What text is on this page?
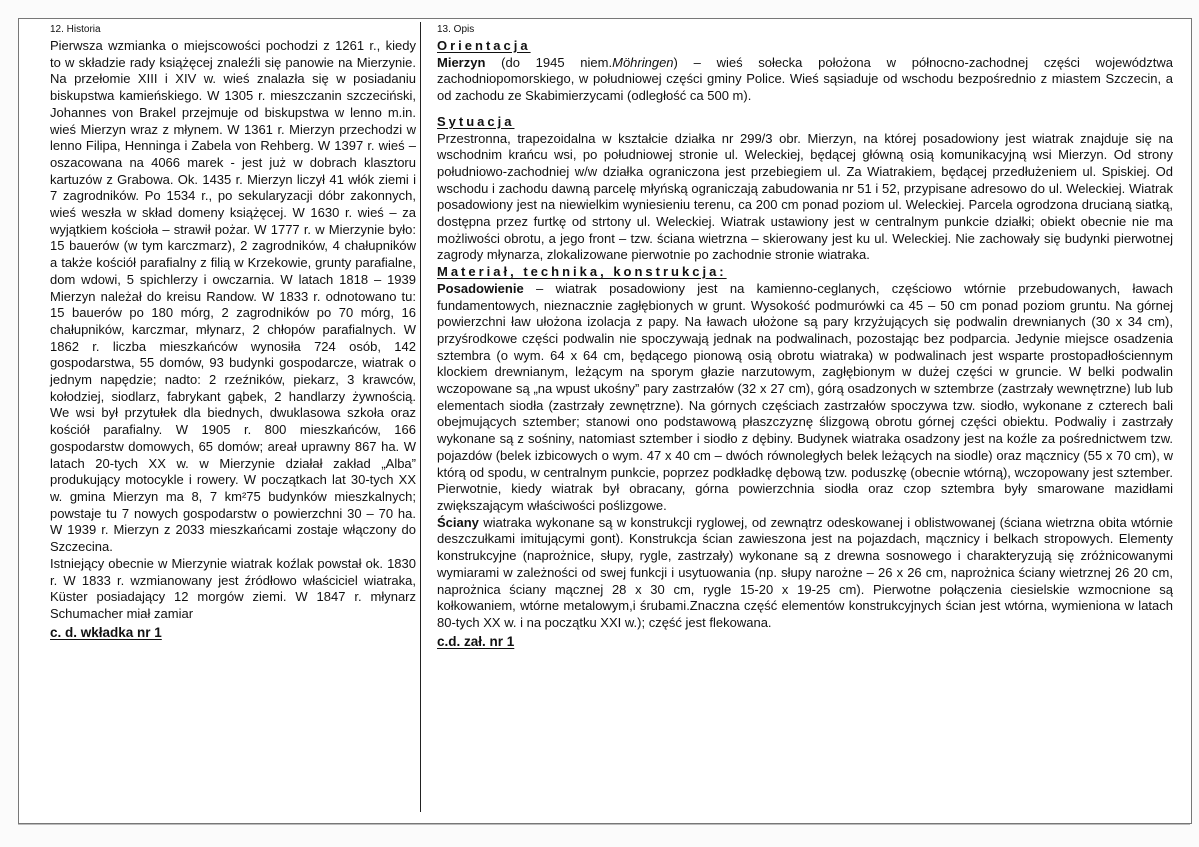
12. Historia

Pierwsza wzmianka o miejscowości pochodzi z 1261 r., kiedy to w składzie rady książęcej znaleźli się panowie na Mierzynie. Na przełomie XIII i XIV w. wieś znalazła się w posiadaniu biskupstwa kamieńskiego. W 1305 r. mieszczanin szczeciński, Johannes von Brakel przejmuje od biskupstwa w lenno m.in. wieś Mierzyn wraz z młynem. W 1361 r. Mierzyn przechodzi w lenno Filipa, Henninga i Zabela von Rehberg. W 1397 r. wieś – oszacowana na 4066 marek - jest już w dobrach klasztoru kartuzów z Grabowa. Ok. 1435 r. Mierzyn liczył 41 włók ziemi i 7 zagrodników. Po 1534 r., po sekularyzacji dóbr zakonnych, wieś weszła w skład domeny książęcej. W 1630 r. wieś – za wyjątkiem kościoła – strawił pożar. W 1777 r. w Mierzynie było: 15 bauerów (w tym karczmarz), 2 zagrodników, 4 chałupników a także kościół parafialny z filią w Krzekowie, grunty parafialne, dom wdowi, 5 spichlerzy i owczarnia. W latach 1818 – 1939 Mierzyn należał do kreisu Randow. W 1833 r. odnotowano tu: 15 bauerów po 180 mórg, 2 zagrodników po 70 mórg, 16 chałupników, karczmar, młynarz, 2 chłopów parafialnych. W 1862 r. liczba mieszkańców wynosiła 724 osób, 142 gospodarstwa, 55 domów, 93 budynki gospodarcze, wiatrak o jednym napędzie; nadto: 2 rzeźników, piekarz, 3 krawców, kołodziej, siodlarz, fabrykant gąbek, 2 handlarzy żywnością. We wsi był przytułek dla biednych, dwuklasowa szkoła oraz kościół parafialny. W 1905 r. 800 mieszkańców, 166 gospodarstw domowych, 65 domów; areał uprawny 867 ha. W latach 20-tych XX w. w Mierzynie działał zakład „Alba” produkujący motocykle i rowery. W początkach lat 30-tych XX w. gmina Mierzyn ma 8, 7 km²75 budynków mieszkalnych; powstaje tu 7 nowych gospodarstw o powierzchni 30 – 70 ha. W 1939 r. Mierzyn z 2033 mieszkańcami zostaje włączony do Szczecina.

Istniejący obecnie w Mierzynie wiatrak koźlak powstał ok. 1830 r. W 1833 r. wzmianowany jest źródłowo właściciel wiatraka, Küster posiadający 12 morgów ziemi. W 1847 r. młynarz Schumacher miał zamiar

c. d. wkładka nr 1

13. Opis

Orientacja

Mierzyn (do 1945 niem.Möhringen) – wieś sołecka położona w północno-zachodnej części województwa zachodniopomorskiego, w południowej części gminy Police. Wieś sąsiaduje od wschodu bezpośrednio z miastem Szczecin, a od zachodu ze Skabimierzycami (odległość ca 500 m).

Sytuacja

Przestronna, trapezoidalna w kształcie działka nr 299/3 obr. Mierzyn, na której posadowiony jest wiatrak znajduje się na wschodnim krańcu wsi, po południowej stronie ul. Weleckiej, będącej główną osią komunikacyjną wsi Mierzyn. Od strony południowo-zachodniej w/w działka ograniczona jest przebiegiem ul. Za Wiatrakiem, będącej przedłużeniem ul. Spiskiej. Od wschodu i zachodu dawną parcelę młyńską ograniczają zabudowania nr 51 i 52, przypisane adresowo do ul. Weleckiej. Wiatrak posadowiony jest na niewielkim wyniesieniu terenu, ca 200 cm ponad poziom ul. Weleckiej. Parcela ogrodzona drucianą siatką, dostępna przez furtkę od strtony ul. Weleckiej. Wiatrak ustawiony jest w centralnym punkcie działki; obiekt obecnie nie ma możliwości obrotu, a jego front – tzw. ściana wietrzna – skierowany jest ku ul. Weleckiej. Nie zachowały się budynki pierwotnej zagrody młynarza, zlokalizowane pierwotnie po zachodnie stronie wiatraka.

Materiał, technika, konstrukcja:

Posadowienie – wiatrak posadowiony jest na kamienno-ceglanych, częściowo wtórnie przebudowanych, ławach fundamentowych, nieznacznie zagłębionych w grunt. Wysokość podmurówki ca 45 – 50 cm ponad poziom gruntu. Na górnej powierzchni ław ułożona izolacja z papy. Na ławach ułożone są pary krzyżujących się podwalin drewnianych (30 x 34 cm), przyśrodkowe części podwalin nie spoczywają jednak na podwalinach, pozostając bez podparcia. Jedynie miejsce osadzenia sztembra (o wym. 64 x 64 cm, będącego pionową osią obrotu wiatraka) w podwalinach jest wsparte prostopadłościennym klockiem drewnianym, leżącym na sporym głazie narzutowym, zagłębionym w dużej części w gruncie. W belki podwalin wczopowane są „na wpust ukośny” pary zastrzałów (32 x 27 cm), górą osadzonych w sztembrze (zastrzały wewnętrzne) lub lub elementach siodła (zastrzały zewnętrzne). Na górnych częściach zastrzałów spoczywa tzw. siodło, wykonane z czterech bali obejmujących sztember; stanowi ono podstawową płaszczyznę ślizgową obrotu górnej części obiektu. Podwaliy i zastrzały wykonane są z sośniny, natomiast sztember i siodło z dębiny. Budynek wiatraka osadzony jest na koźle za pośrednictwem tzw. pojazdów (belek izbicowych o wym. 47 x 40 cm – dwóch równoległych belek leżących na siodle) oraz mącznicy (55 x 70 cm), w którą od spodu, w centralnym punkcie, poprzez podkładkę dębową tzw. poduszkę (obecnie wtórną), wczopowany jest sztember. Pierwotnie, kiedy wiatrak był obracany, górna powierzchnia siodła oraz czop sztembra były smarowane mazidłami zwiększającym właściwości poślizgowe.

Ściany wiatraka wykonane są w konstrukcji ryglowej, od zewnątrz odeskowanej i oblistwowanej (ściana wietrzna obita wtórnie deszczułkami imitującymi gont). Konstrukcja ścian zawieszona jest na pojazdach, mącznicy i belkach stropowych. Elementy konstrukcyjne (naprożnice, słupy, rygle, zastrzały) wykonane są z drewna sosnowego i charakteryzują się zróżnicowanymi wymiarami w zależności od swej funkcji i usytuowania (np. słupy narożne – 26 x 26 cm, naprożnica ściany wietrznej 26 20 cm, naprożnica ściany mącznej 28 x 30 cm, rygle 15-20 x 19-25 cm). Pierwotne połączenia ciesielskie wzmocnione są kołkowaniem, wtórne metalowym,i śrubami.Znaczna część elementów konstrukcyjnych ścian jest wtórna, wymieniona w latach 80-tych XX w. i na początku XXI w.); część jest flekowana.

c.d. zał. nr 1
